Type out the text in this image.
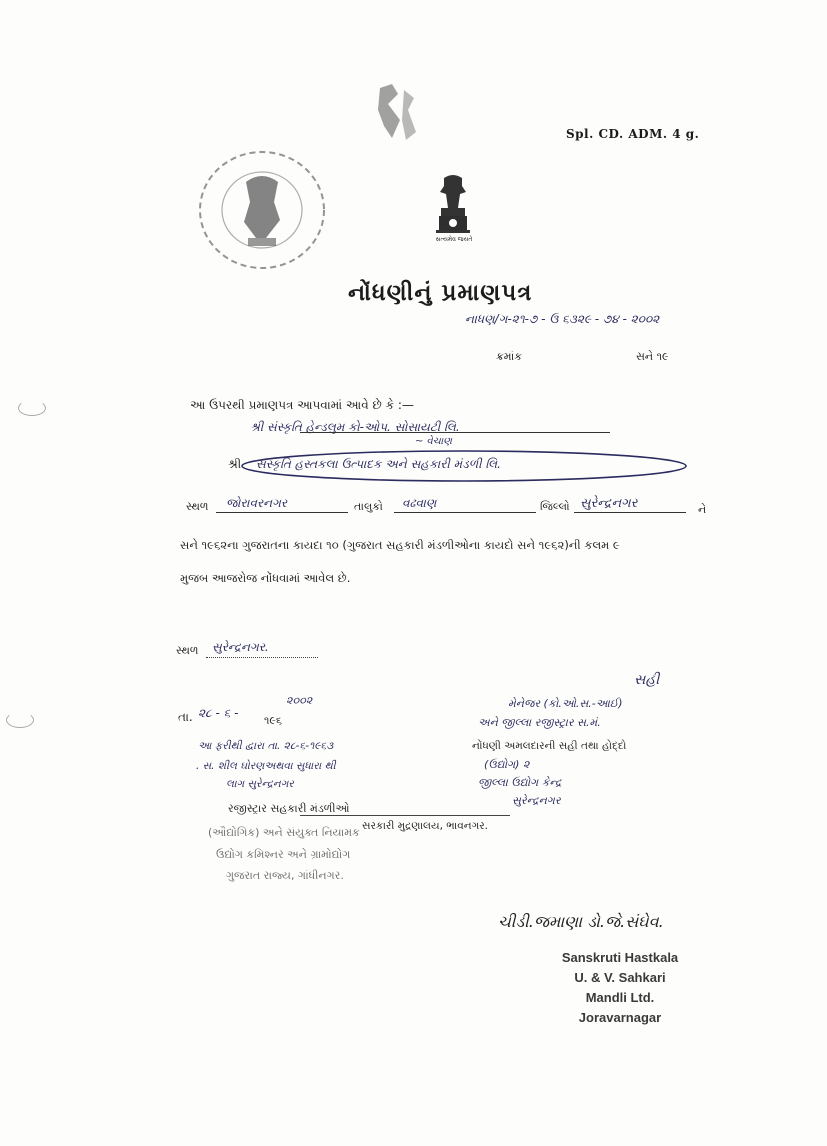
Spl. CD. ADM. 4 g.
સત્યમેવ જયતે
નોંધણીનું પ્રમાણપત્ર
નાધણ/ગ-૨૧-૭ - ઉ ૬૩૨૯ - ૭૪ - ૨૦૦૨
ક્રમાંક	સને ૧૯
આ ઉપરથી પ્રમાણપત્ર આપવામાં આવે છે કે :—
શ્રી સંસ્કૃતિ હેન્ડલુમ કો-ઓપ. સોસાયટી લિ.
~ વેચાણ
શ્રી સંસ્કૃતિ હસ્તકલા ઉત્પાદક અને સહકારી મંડળી લિ.
સ્થળ જોરાવરનગર	તાલુકો વઢવાણ	જિલ્લો સુરેન્દ્રનગર	ને
સને ૧૯૬૨ના ગુજરાતના કાયદા ૧૦ (ગુજરાત સહકારી મંડળીઓના કાયદો સને ૧૯૬૨)ની કલમ ૯
મુજબ આજરોજ નોંધવામાં આવેલ છે.
સ્થળ સુરેન્દ્રનગર.
તા. ૨૮ - ૬ -
૨૦૦૨
૧૯૬
સહી
મેનેજર (કો.ઓ.સ.-આઈ)
અને જીલ્લા રજીસ્ટ્રાર સ.મં.
નોંધણી અમલદારની સહી તથા હોદ્દો
(ઉદ્યોગ) ૨
જીલ્લા ઉદ્યોગ કેન્દ્ર
સુરેન્દ્રનગર
આ ફરીથી દ્વારા તા. ૨૮-૬-૧૯૬૩
. સ. શીલ ઘોરણઅથવા સુધારા થી
લાગ સુરેન્દ્રનગર
રજીસ્ટ્રાર સહકારી મંડળીઓ
(ઔદ્યોગિક) અને સંયુક્ત નિયામક
ઉદ્યોગ કમિશ્નર અને ગ્રામોદ્યોગ
ગુજરાત રાજ્ય, ગાંધીનગર.
સરકારી મુદ્રણાલય, ભાવનગર.
ચીડી.જમાણા ડો.જે.સંઘેવ.
Sanskruti Hastkala
U. & V. Sahkari
Mandli Ltd.
Joravarnagar
